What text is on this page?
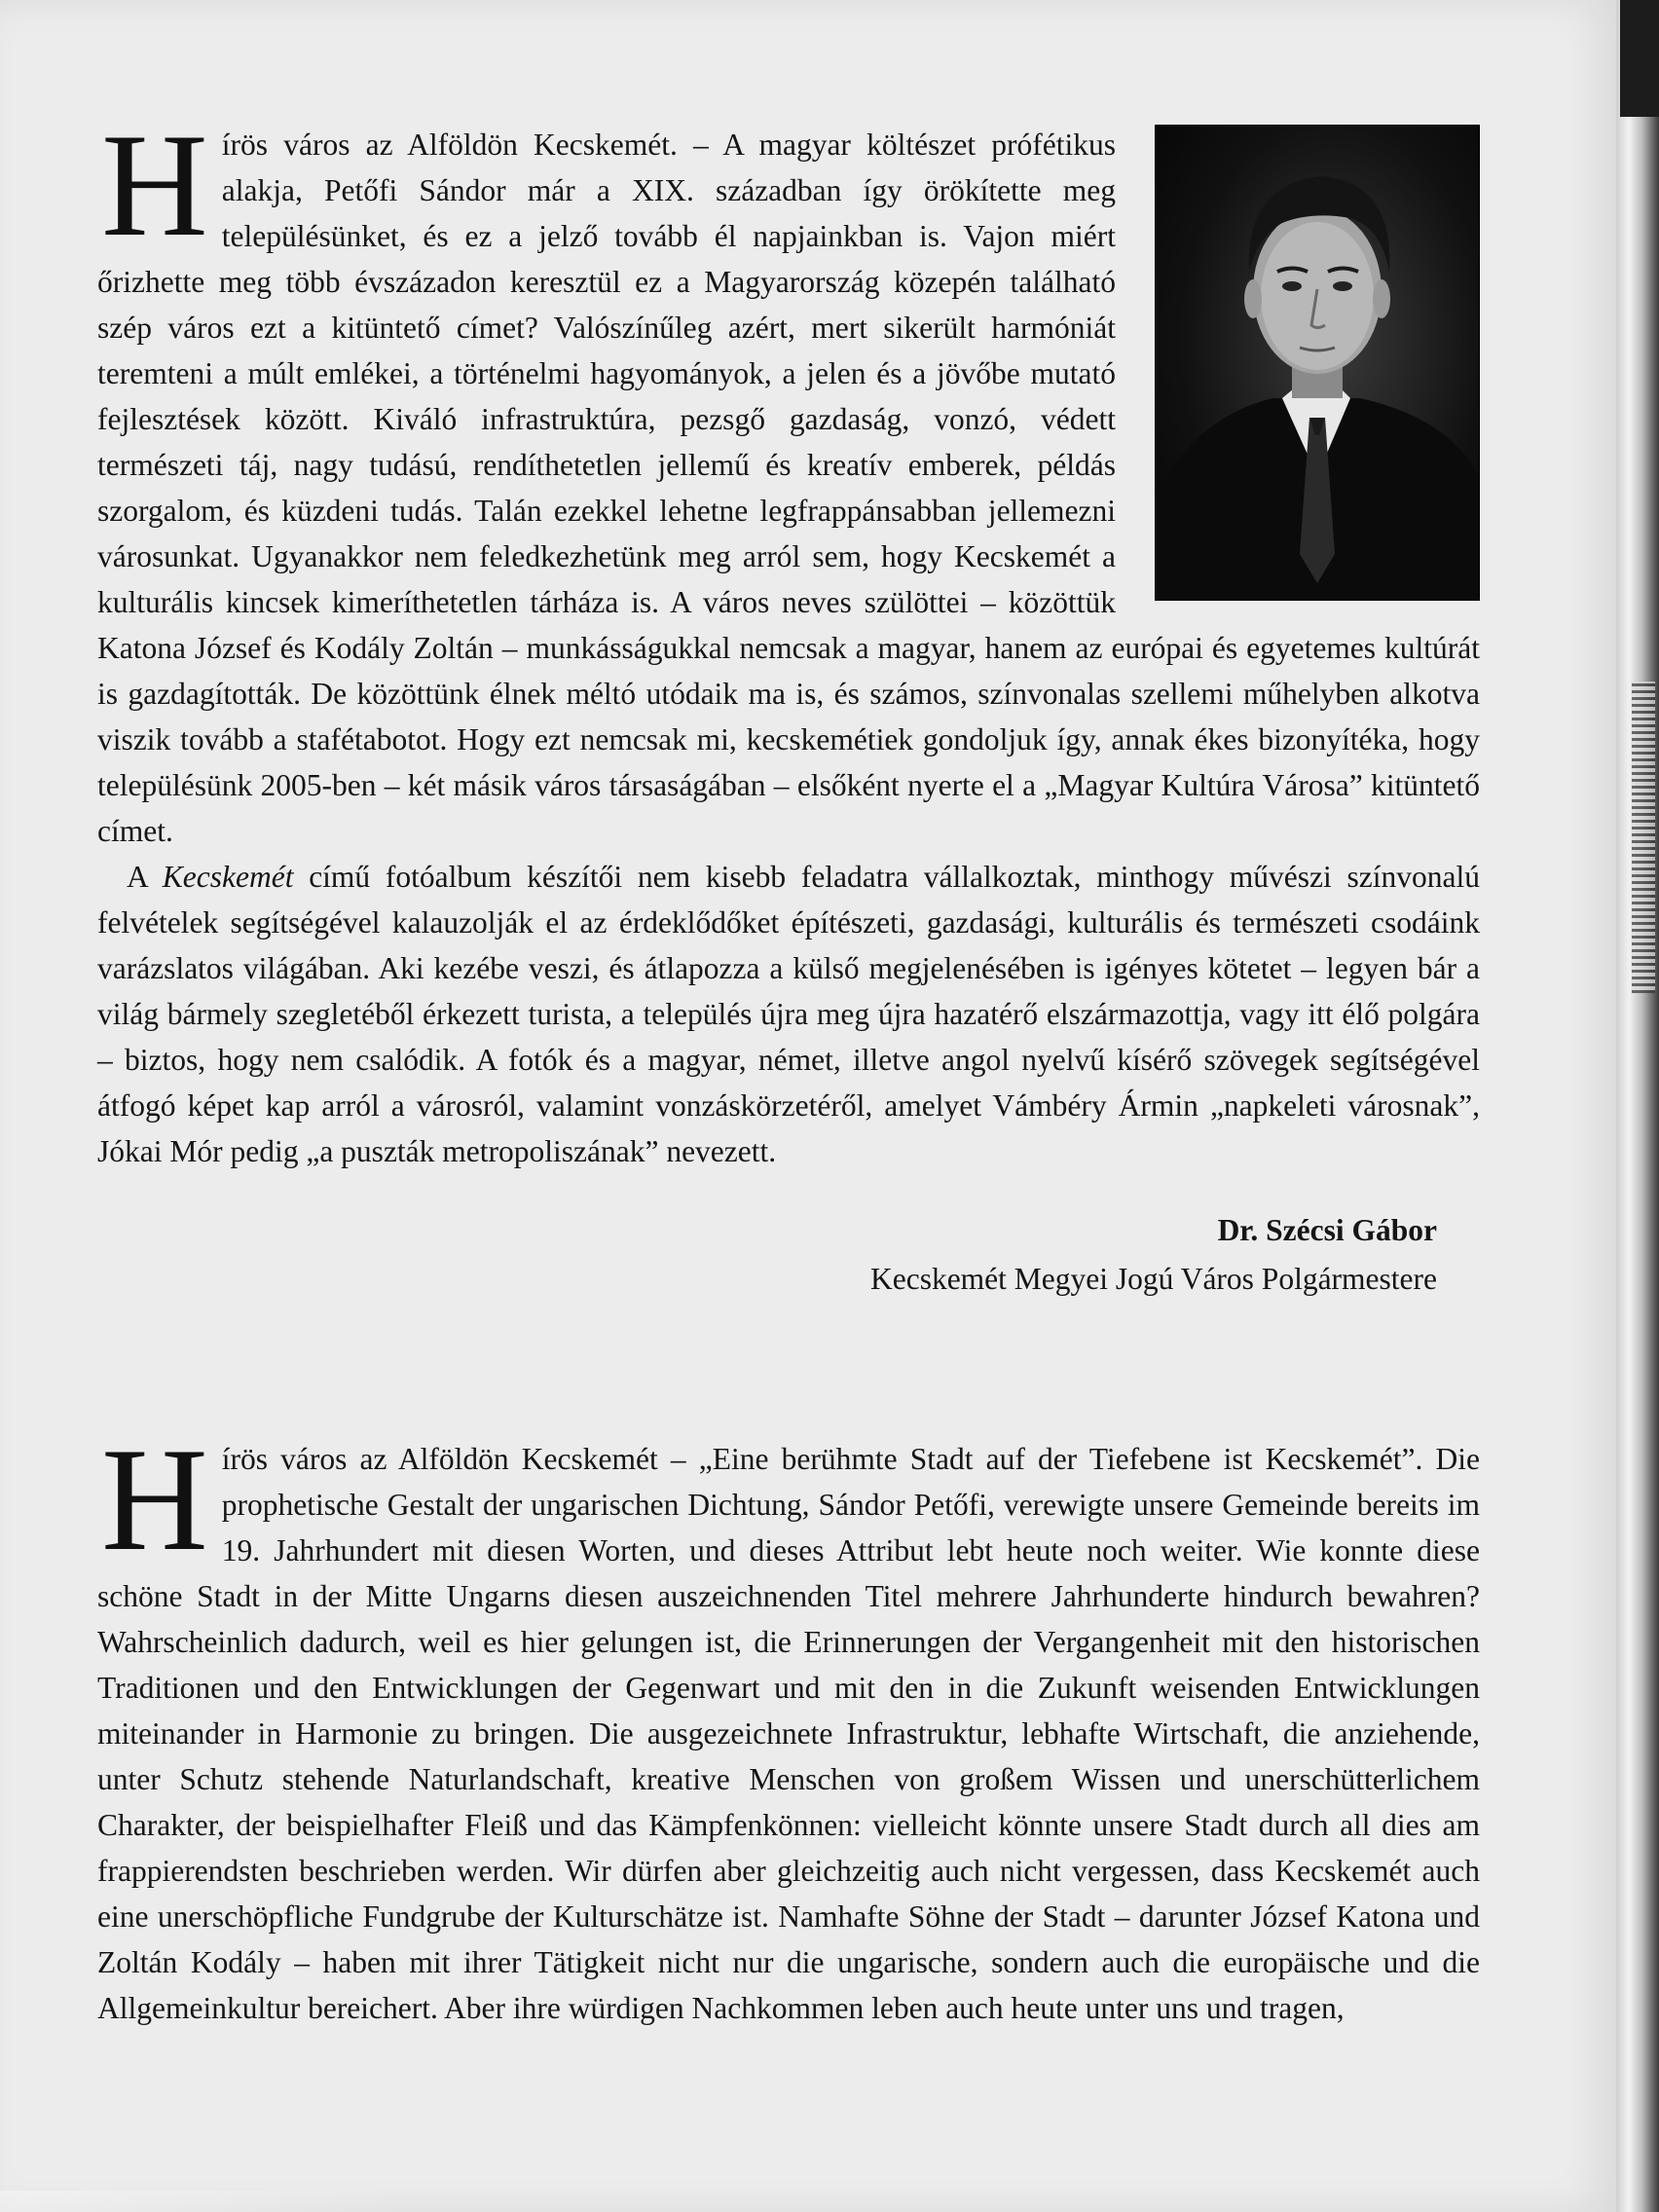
Hírös város az Alföldön Kecskemét. – A magyar költészet prófétikus alakja, Petőfi Sándor már a XIX. században így örökítette meg településünket, és ez a jelző tovább él napjainkban is. Vajon miért őrizhette meg több évszázadon keresztül ez a Magyarország közepén található szép város ezt a kitüntető címet? Valószínűleg azért, mert sikerült harmóniát teremteni a múlt emlékei, a történelmi hagyományok, a jelen és a jövőbe mutató fejlesztések között. Kiváló infrastruktúra, pezsgő gazdaság, vonzó, védett természeti táj, nagy tudású, rendíthetetlen jellemű és kreatív emberek, példás szorgalom, és küzdeni tudás. Talán ezekkel lehetne legfrappánsabban jellemezni városunkat. Ugyanakkor nem feledkezhetünk meg arról sem, hogy Kecskemét a kulturális kincsek kimeríthetetlen tárháza is. A város neves szülöttei – közöttük Katona József és Kodály Zoltán – munkásságukkal nemcsak a magyar, hanem az európai és egyetemes kultúrát is gazdagították. De közöttünk élnek méltó utódaik ma is, és számos, színvonalas szellemi műhelyben alkotva viszik tovább a stafétabotot. Hogy ezt nemcsak mi, kecskemétiek gondoljuk így, annak ékes bizonyítéka, hogy településünk 2005-ben – két másik város társaságában – elsőként nyerte el a „Magyar Kultúra Városa” kitüntető címet.

A Kecskemét című fotóalbum készítői nem kisebb feladatra vállalkoztak, minthogy művészi színvonalú felvételek segítségével kalauzolják el az érdeklődőket építészeti, gazdasági, kulturális és természeti csodáink varázslatos világában. Aki kezébe veszi, és átlapozza a külső megjelenésében is igényes kötetet – legyen bár a világ bármely szegletéből érkezett turista, a település újra meg újra hazatérő elszármazottja, vagy itt élő polgára – biztos, hogy nem csalódik. A fotók és a magyar, német, illetve angol nyelvű kísérő szövegek segítségével átfogó képet kap arról a városról, valamint vonzáskörzetéről, amelyet Vámbéry Ármin „napkeleti városnak”, Jókai Mór pedig „a puszták metropoliszának” nevezett.

Dr. Szécsi Gábor
Kecskemét Megyei Jogú Város Polgármestere

Hírös város az Alföldön Kecskemét – „Eine berühmte Stadt auf der Tiefebene ist Kecskemét”. Die prophetische Gestalt der ungarischen Dichtung, Sándor Petőfi, verewigte unsere Gemeinde bereits im 19. Jahrhundert mit diesen Worten, und dieses Attribut lebt heute noch weiter. Wie konnte diese schöne Stadt in der Mitte Ungarns diesen auszeichnenden Titel mehrere Jahrhunderte hindurch bewahren? Wahrscheinlich dadurch, weil es hier gelungen ist, die Erinnerungen der Vergangenheit mit den historischen Traditionen und den Entwicklungen der Gegenwart und mit den in die Zukunft weisenden Entwicklungen miteinander in Harmonie zu bringen. Die ausgezeichnete Infrastruktur, lebhafte Wirtschaft, die anziehende, unter Schutz stehende Naturlandschaft, kreative Menschen von großem Wissen und unerschütterlichem Charakter, der beispielhafter Fleiß und das Kämpfenkönnen: vielleicht könnte unsere Stadt durch all dies am frappierendsten beschrieben werden. Wir dürfen aber gleichzeitig auch nicht vergessen, dass Kecskemét auch eine unerschöpfliche Fundgrube der Kulturschätze ist. Namhafte Söhne der Stadt – darunter József Katona und Zoltán Kodály – haben mit ihrer Tätigkeit nicht nur die ungarische, sondern auch die europäische und die Allgemeinkultur bereichert. Aber ihre würdigen Nachkommen leben auch heute unter uns und tragen,
